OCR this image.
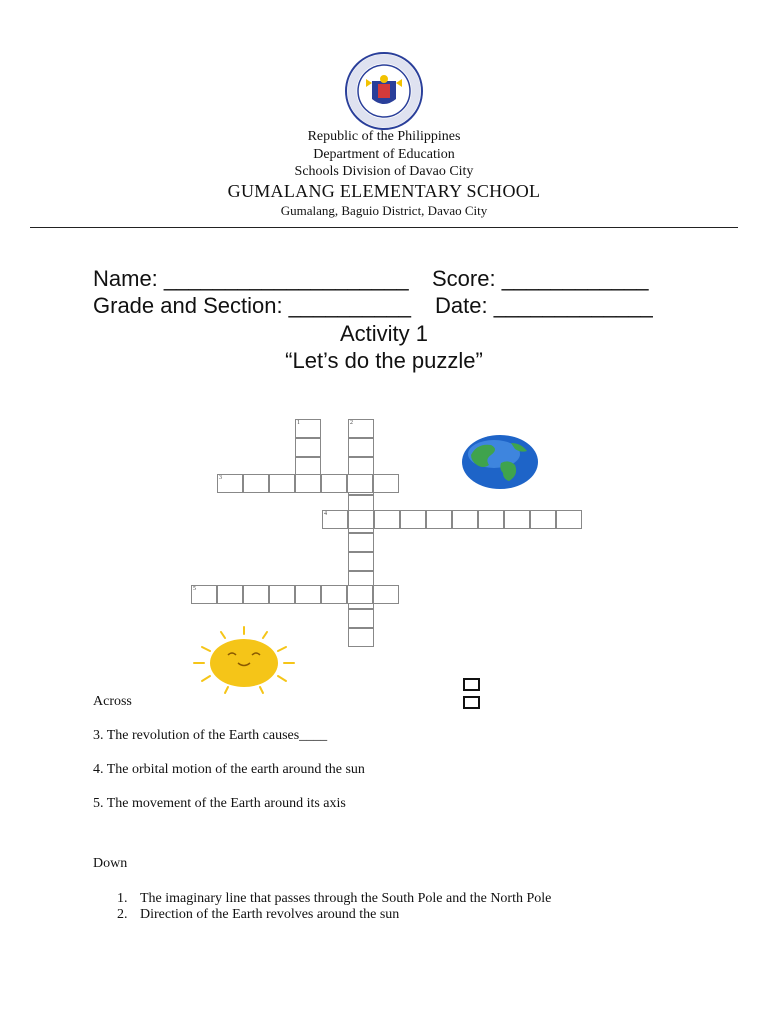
Republic of the Philippines
Department of Education
Schools Division of Davao City
GUMALANG ELEMENTARY SCHOOL
Gumalang, Baguio District, Davao City
Name: ____________________ Score: ____________
Grade and Section: __________ Date: _____________
Activity 1
“Let’s do the puzzle”
1	2
3
4
5
Across
3. The revolution of the Earth causes____
4. The orbital motion of the earth around the sun
5. The movement of the Earth around its axis
Down
1. The imaginary line that passes through the South Pole and the North Pole
2. Direction of the Earth revolves around the sun
